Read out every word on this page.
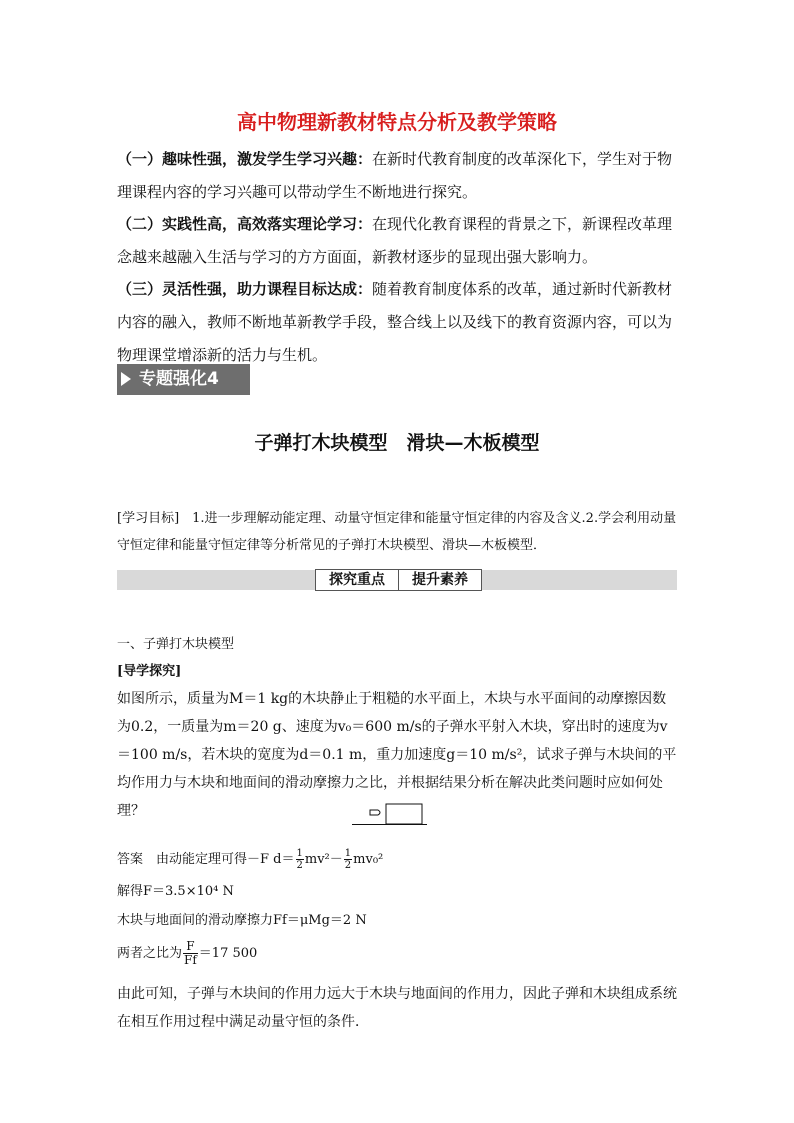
高中物理新教材特点分析及教学策略
（一）趣味性强，激发学生学习兴趣：在新时代教育制度的改革深化下，学生对于物理课程内容的学习兴趣可以带动学生不断地进行探究。
（二）实践性高，高效落实理论学习：在现代化教育课程的背景之下，新课程改革理念越来越融入生活与学习的方方面面，新教材逐步的显现出强大影响力。
（三）灵活性强，助力课程目标达成：随着教育制度体系的改革，通过新时代新教材内容的融入，教师不断地革新教学手段，整合线上以及线下的教育资源内容，可以为物理课堂增添新的活力与生机。
专题强化4
子弹打木块模型　滑块—木板模型
[学习目标]　1.进一步理解动能定理、动量守恒定律和能量守恒定律的内容及含义.2.学会利用动量守恒定律和能量守恒定律等分析常见的子弹打木块模型、滑块—木板模型．
探究重点	提升素养
一、子弹打木块模型
[导学探究]
如图所示，质量为M＝1 kg的木块静止于粗糙的水平面上，木块与水平面间的动摩擦因数为0.2，一质量为m＝20 g、速度为v₀＝600 m/s的子弹水平射入木块，穿出时的速度为v＝100 m/s，若木块的宽度为d＝0.1 m，重力加速度g＝10 m/s²，试求子弹与木块间的平均作用力与木块和地面间的滑动摩擦力之比，并根据结果分析在解决此类问题时应如何处理？
答案　 由动能定理可得－F $d= \frac{1}{2} mv^2- \frac{1}{2} mv_0^2$
解得F＝3.5×10⁴ N
木块与地面间的滑动摩擦力Ff＝μMg＝2 N
两者之比为 $\frac{F}{Ff} =17$ 500
由此可知，子弹与木块间的作用力远大于木块与地面间的作用力，因此子弹和木块组成系统在相互作用过程中满足动量守恒的条件．
